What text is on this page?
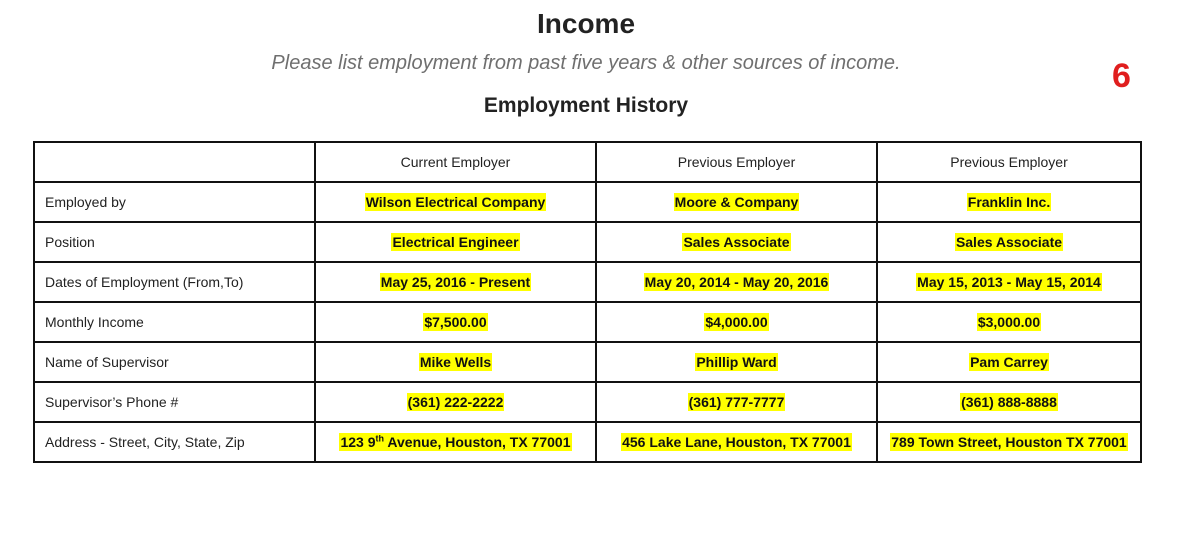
Income
Please list employment from past five years & other sources of income.	6
Employment History
	Current Employer	Previous Employer	Previous Employer
Employed by	Wilson Electrical Company	Moore & Company	Franklin Inc.
Position	Electrical Engineer	Sales Associate	Sales Associate
Dates of Employment (From,To)	May 25, 2016 - Present	May 20, 2014 - May 20, 2016	May 15, 2013 - May 15, 2014
Monthly Income	$7,500.00	$4,000.00	$3,000.00
Name of Supervisor	Mike Wells	Phillip Ward	Pam Carrey
Supervisor’s Phone #	(361) 222-2222	(361) 777-7777	(361) 888-8888
Address - Street, City, State, Zip	123 9th Avenue, Houston, TX 77001	456 Lake Lane, Houston, TX 77001	789 Town Street, Houston TX 77001
